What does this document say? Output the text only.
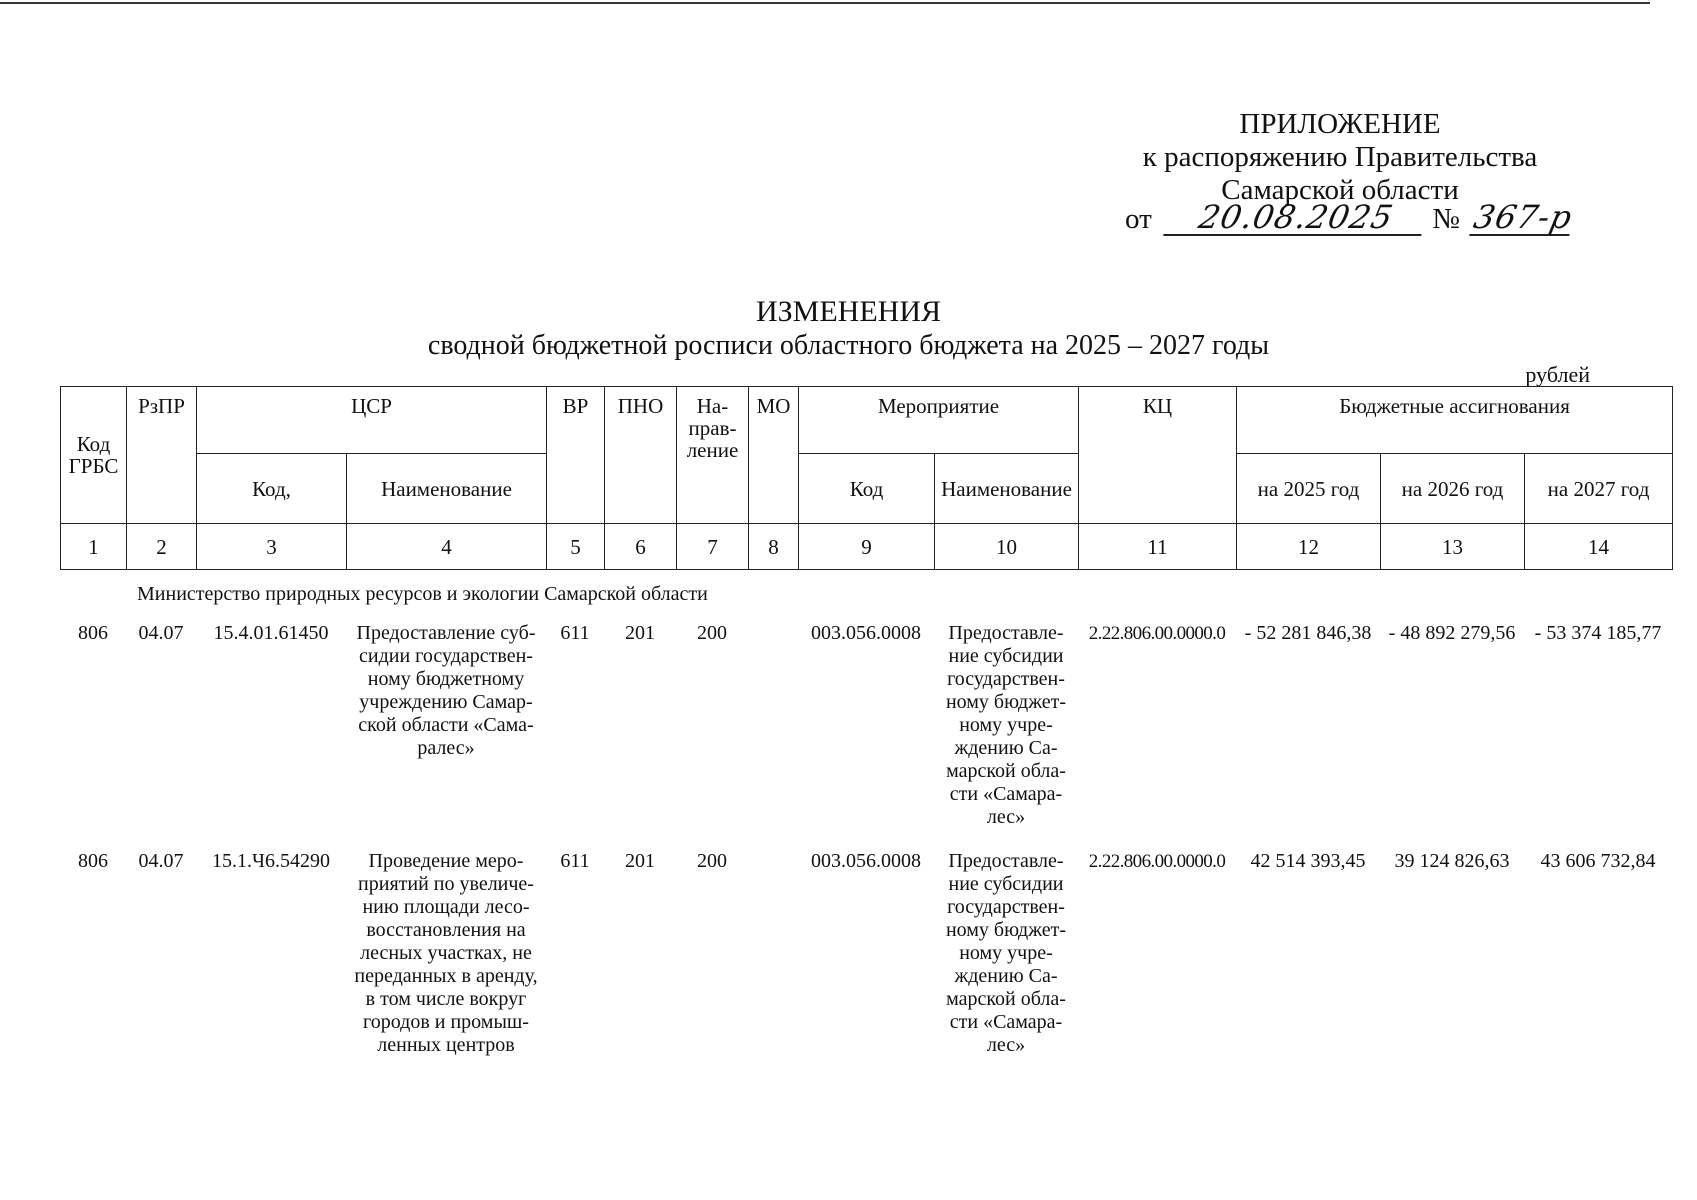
ПРИЛОЖЕНИЕ
к распоряжению Правительства
Самарской области
от 20.08.2025 № 367-р
ИЗМЕНЕНИЯ
сводной бюджетной росписи областного бюджета на 2025 – 2027 годы
рублей
Код ГРБС	РзПР	ЦСР		ВР	ПНО	На-прав-ление	МО	Мероприятие		КЦ	Бюджетные ассигнования		
		Код,	Наименование					Код	Наименование		на 2025 год	на 2026 год	на 2027 год
1	2	3	4	5	6	7	8	9	10	11	12	13	14
Министерство природных ресурсов и экологии Самарской области
806	04.07	15.4.01.61450	Предоставление суб-сидии государствен-ному бюджетному учреждению Самар-ской области «Сама-ралес»	611	201	200		003.056.0008	Предоставле-ние субсидии государствен-ному бюджет-ному учре-ждению Са-марской обла-сти «Самара-лес»	2.22.806.00.0000.0	- 52 281 846,38	- 48 892 279,56	- 53 374 185,77
806	04.07	15.1.Ч6.54290	Проведение меро-приятий по увеличе-нию площади лесо-восстановления на лесных участках, не переданных в аренду, в том числе вокруг городов и промыш-ленных центров	611	201	200		003.056.0008	Предоставле-ние субсидии государствен-ному бюджет-ному учре-ждению Са-марской обла-сти «Самара-лес»	2.22.806.00.0000.0	42 514 393,45	39 124 826,63	43 606 732,84
